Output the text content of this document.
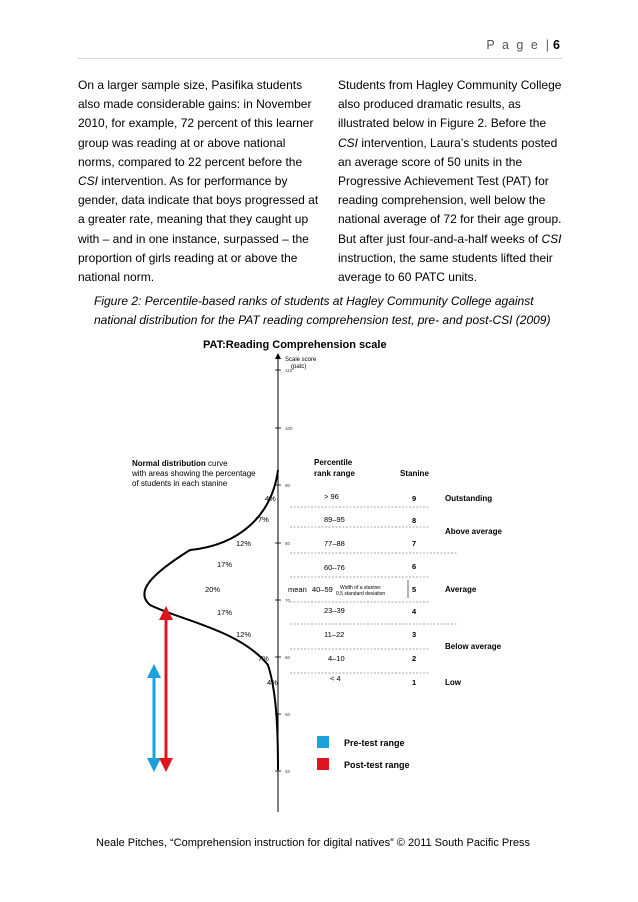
P a g e | 6

On a larger sample size, Pasifika students also made considerable gains: in November 2010, for example, 72 percent of this learner group was reading at or above national norms, compared to 22 percent before the CSI intervention. As for performance by gender, data indicate that boys progressed at a greater rate, meaning that they caught up with – and in one instance, surpassed – the proportion of girls reading at or above the national norm.

Students from Hagley Community College also produced dramatic results, as illustrated below in Figure 2. Before the CSI intervention, Laura’s students posted an average score of 50 units in the Progressive Achievement Test (PAT) for reading comprehension, well below the national average of 72 for their age group. But after just four-and-a-half weeks of CSI instruction, the same students lifted their average to 60 PATC units.

Figure 2: Percentile-based ranks of students at Hagley Community College against national distribution for the PAT reading comprehension test, pre- and post-CSI (2009)
PAT:Reading Comprehension scale
Scale score
(patc)
110
100
90
80
70
60
50
40
Normal distribution curve
with areas showing the percentage
of students in each stanine
Percentile
rank range	Stanine
4%
7%
12%
17%
20%
17%
12%
7%
4%
mean
> 96
89–95
77–88
60–76
40–59
23–39
11–22
4–10
< 4
Width of a stanine:
0.5 standard deviation
9
8
7
6
5
4
3
2
1
Outstanding
Above average
Average
Below average
Low
Pre-test range
Post-test range
Neale Pitches, “Comprehension instruction for digital natives” © 2011 South Pacific Press
